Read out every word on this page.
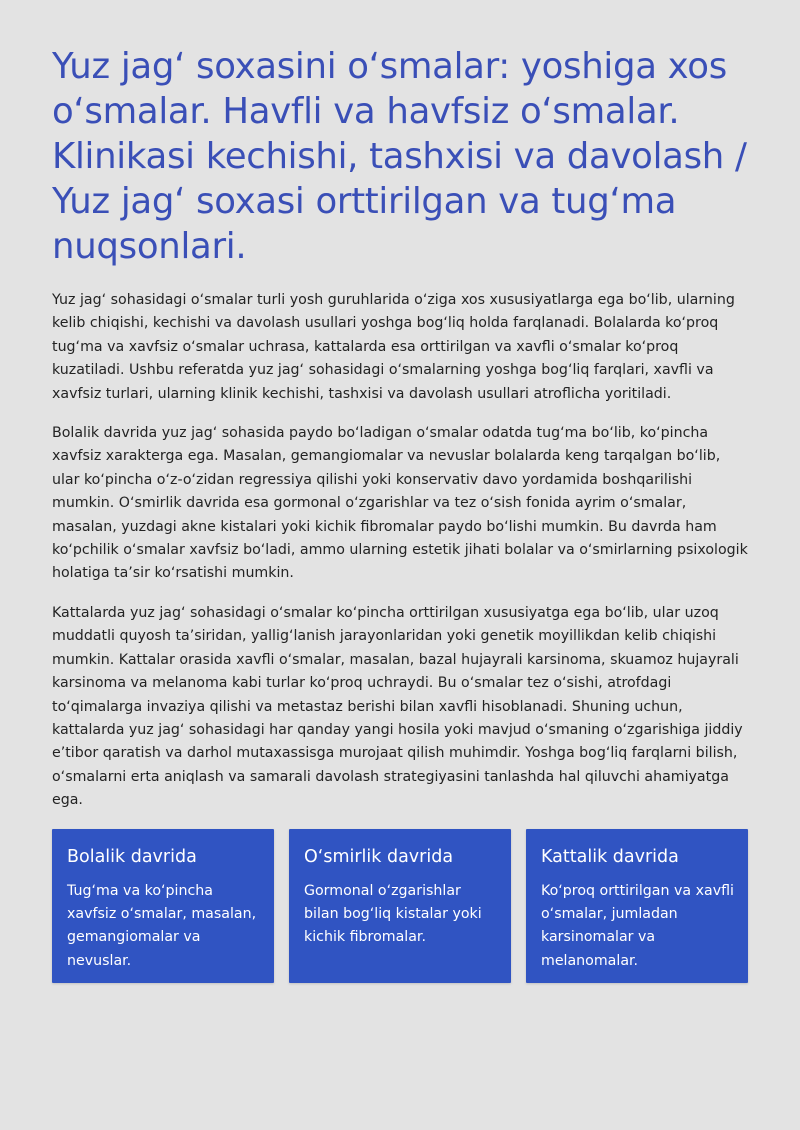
Yuz jag‘ soxasini o‘smalar: yoshiga xos o‘smalar. Havfli va havfsiz o‘smalar. Klinikasi kechishi, tashxisi va davolash / Yuz jag‘ soxasi orttirilgan va tug‘ma nuqsonlari.

Yuz jag‘ sohasidagi o‘smalar turli yosh guruhlarida o‘ziga xos xususiyatlarga ega bo‘lib, ularning kelib chiqishi, kechishi va davolash usullari yoshga bog‘liq holda farqlanadi. Bolalarda ko‘proq tug‘ma va xavfsiz o‘smalar uchrasa, kattalarda esa orttirilgan va xavfli o‘smalar ko‘proq kuzatiladi. Ushbu referatda yuz jag‘ sohasidagi o‘smalarning yoshga bog‘liq farqlari, xavfli va xavfsiz turlari, ularning klinik kechishi, tashxisi va davolash usullari atroflicha yoritiladi.

Bolalik davrida yuz jag‘ sohasida paydo bo‘ladigan o‘smalar odatda tug‘ma bo‘lib, ko‘pincha xavfsiz xarakterga ega. Masalan, gemangiomalar va nevuslar bolalarda keng tarqalgan bo‘lib, ular ko‘pincha o‘z-o‘zidan regressiya qilishi yoki konservativ davo yordamida boshqarilishi mumkin. O‘smirlik davrida esa gormonal o‘zgarishlar va tez o‘sish fonida ayrim o‘smalar, masalan, yuzdagi akne kistalari yoki kichik fibromalar paydo bo‘lishi mumkin. Bu davrda ham ko‘pchilik o‘smalar xavfsiz bo‘ladi, ammo ularning estetik jihati bolalar va o‘smirlarning psixologik holatiga ta’sir ko‘rsatishi mumkin.

Kattalarda yuz jag‘ sohasidagi o‘smalar ko‘pincha orttirilgan xususiyatga ega bo‘lib, ular uzoq muddatli quyosh ta’siridan, yallig‘lanish jarayonlaridan yoki genetik moyillikdan kelib chiqishi mumkin. Kattalar orasida xavfli o‘smalar, masalan, bazal hujayrali karsinoma, skuamoz hujayrali karsinoma va melanoma kabi turlar ko‘proq uchraydi. Bu o‘smalar tez o‘sishi, atrofdagi to‘qimalarga invaziya qilishi va metastaz berishi bilan xavfli hisoblanadi. Shuning uchun, kattalarda yuz jag‘ sohasidagi har qanday yangi hosila yoki mavjud o‘smaning o‘zgarishiga jiddiy e’tibor qaratish va darhol mutaxassisga murojaat qilish muhimdir. Yoshga bog‘liq farqlarni bilish, o‘smalarni erta aniqlash va samarali davolash strategiyasini tanlashda hal qiluvchi ahamiyatga ega.

Bolalik davrida

Tug‘ma va ko‘pincha xavfsiz o‘smalar, masalan, gemangiomalar va nevuslar.

O‘smirlik davrida

Gormonal o‘zgarishlar bilan bog‘liq kistalar yoki kichik fibromalar.

Kattalik davrida

Ko‘proq orttirilgan va xavfli o‘smalar, jumladan karsinomalar va melanomalar.
